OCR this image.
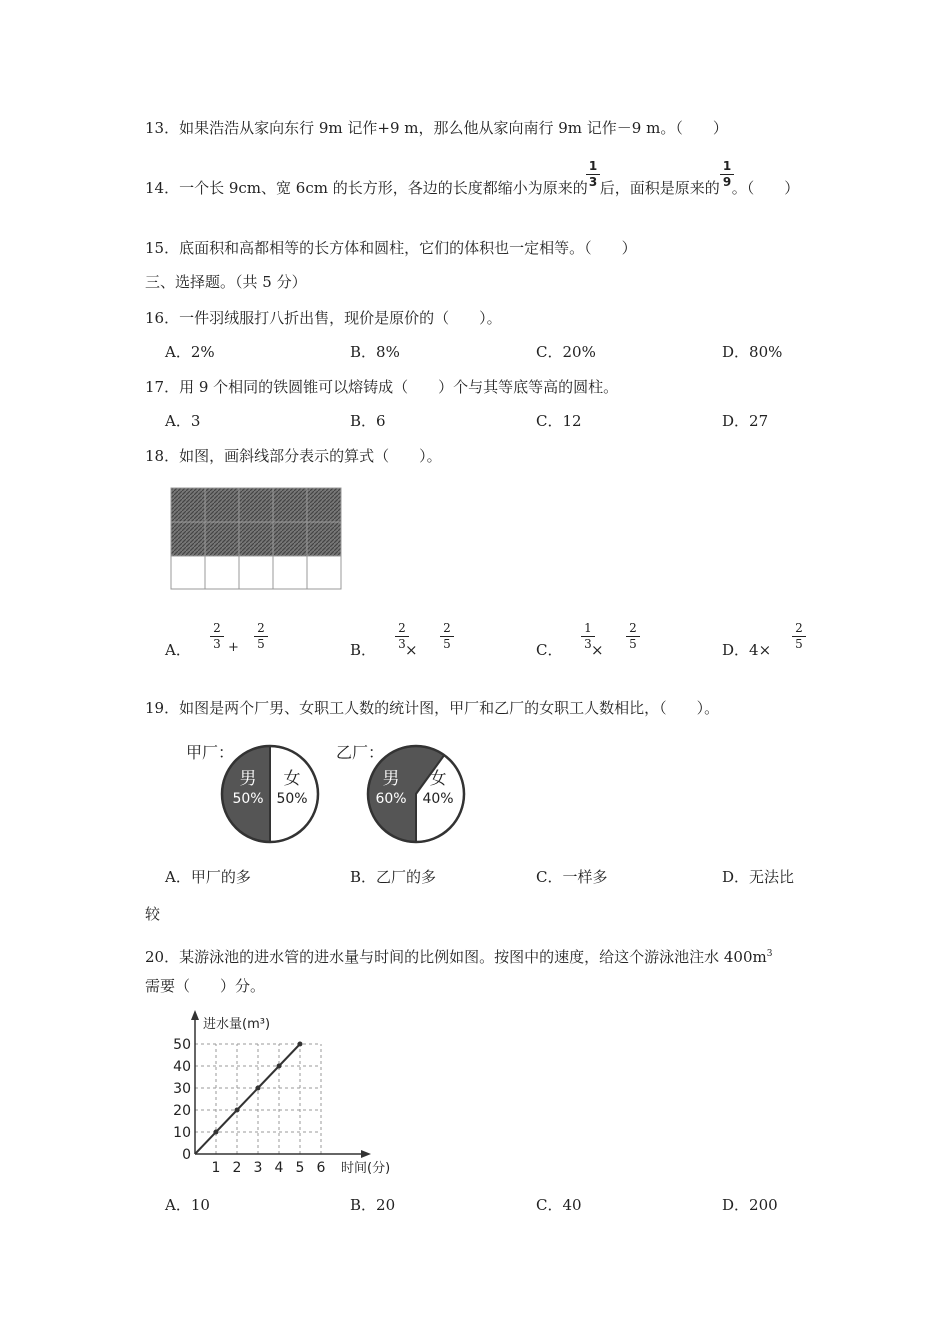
13．如果浩浩从家向东行 9m 记作+9 m，那么他从家向南行 9m 记作－9 m。（　　）
14．一个长 9cm、宽 6cm 的长方形，各边的长度都缩小为原来的 后，面积是原来的 。（　　）
$\frac{1}{3}$	$\frac{1}{9}$
15．底面积和高都相等的长方体和圆柱，它们的体积也一定相等。（　　）
三、选择题。（共 5 分）
16．一件羽绒服打八折出售，现价是原价的（　　）。
A．2%	B．8%	C．20%	D．80%
17．用 9 个相同的铁圆锥可以熔铸成（　　）个与其等底等高的圆柱。
A．3	B．6	C．12	D．27
18．如图，画斜线部分表示的算式（　　）。
A． $\frac{2}{3} + \frac{2}{5}$	B． $\frac{2}{3}$
× $\frac{2}{5}$	C． $\frac{1}{3}$
× $\frac{2}{5}$	D．$4\times \frac{2}{5}$
19．如图是两个厂男、女职工人数的统计图，甲厂和乙厂的女职工人数相比，（　　）。
甲厂：	乙厂：
男
50%
女
50%
男
60%
女
40%
A．甲厂的多	B．乙厂的多	C．一样多	D．无法比
较
20．某游泳池的进水管的进水量与时间的比例如图。按图中的速度，给这个游泳池注水 $400m^3$
需要（　　）分。
1 2 3 4 5 6
0
10
20
30
40
50
进水量(m³)
时间(分)
A．10	B．20	C．40	D．200
